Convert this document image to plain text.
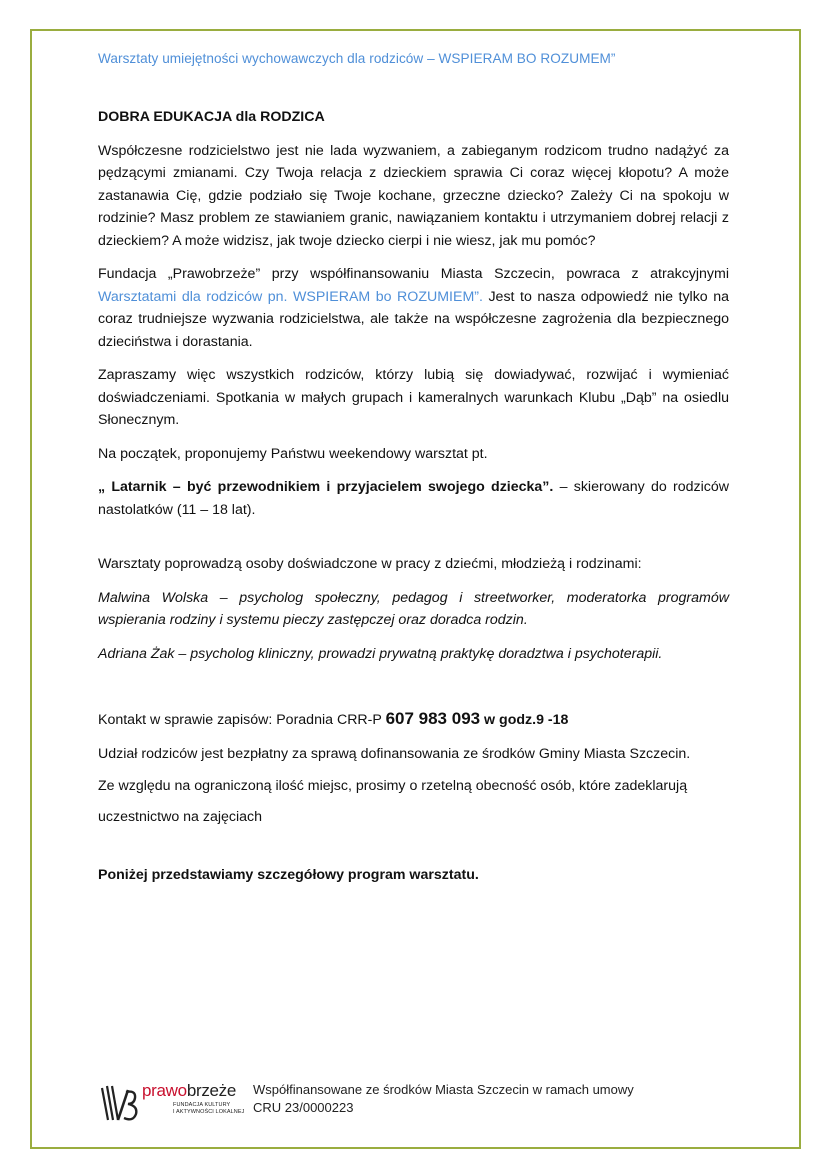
Warsztaty umiejętności wychowawczych dla rodziców – WSPIERAM BO ROZUMEM”

DOBRA EDUKACJA dla RODZICA

Współczesne rodzicielstwo jest nie lada wyzwaniem, a zabieganym rodzicom trudno nadążyć za pędzącymi zmianami. Czy Twoja relacja z dzieckiem sprawia Ci coraz więcej kłopotu? A może zastanawia Cię, gdzie podziało się Twoje kochane, grzeczne dziecko? Zależy Ci na spokoju w rodzinie? Masz problem ze stawianiem granic, nawiązaniem kontaktu i utrzymaniem dobrej relacji z dzieckiem? A może widzisz, jak twoje dziecko cierpi i nie wiesz, jak mu pomóc?

Fundacja „Prawobrzeże” przy współfinansowaniu Miasta Szczecin, powraca z atrakcyjnymi Warsztatami dla rodziców pn. WSPIERAM bo ROZUMIEM”. Jest to nasza odpowiedź nie tylko na coraz trudniejsze wyzwania rodzicielstwa, ale także na współczesne zagrożenia dla bezpiecznego dzieciństwa i dorastania.

Zapraszamy więc wszystkich rodziców, którzy lubią się dowiadywać, rozwijać i wymieniać doświadczeniami. Spotkania w małych grupach i kameralnych warunkach Klubu „Dąb” na osiedlu Słonecznym.

Na początek, proponujemy Państwu weekendowy warsztat pt.

„ Latarnik – być przewodnikiem i przyjacielem swojego dziecka”. – skierowany do rodziców nastolatków (11 – 18 lat).

Warsztaty poprowadzą osoby doświadczone w pracy z dziećmi, młodzieżą i rodzinami:

Malwina Wolska – psycholog społeczny, pedagog i streetworker, moderatorka programów wspierania rodziny i systemu pieczy zastępczej oraz doradca rodzin.

Adriana Żak – psycholog kliniczny, prowadzi prywatną praktykę doradztwa i psychoterapii.

Kontakt w sprawie zapisów: Poradnia CRR-P 607 983 093 w godz.9 -18

Udział rodziców jest bezpłatny za sprawą dofinansowania ze środków Gminy Miasta Szczecin.

Ze względu na ograniczoną ilość miejsc, prosimy o rzetelną obecność osób, które zadeklarują uczestnictwo na zajęciach

Poniżej przedstawiamy szczegółowy program warsztatu.

prawobrzeże
FUNDACJA KULTURY
I AKTYWNOŚCI LOKALNEJ
Współfinansowane ze środków Miasta Szczecin w ramach umowy
CRU 23/0000223
